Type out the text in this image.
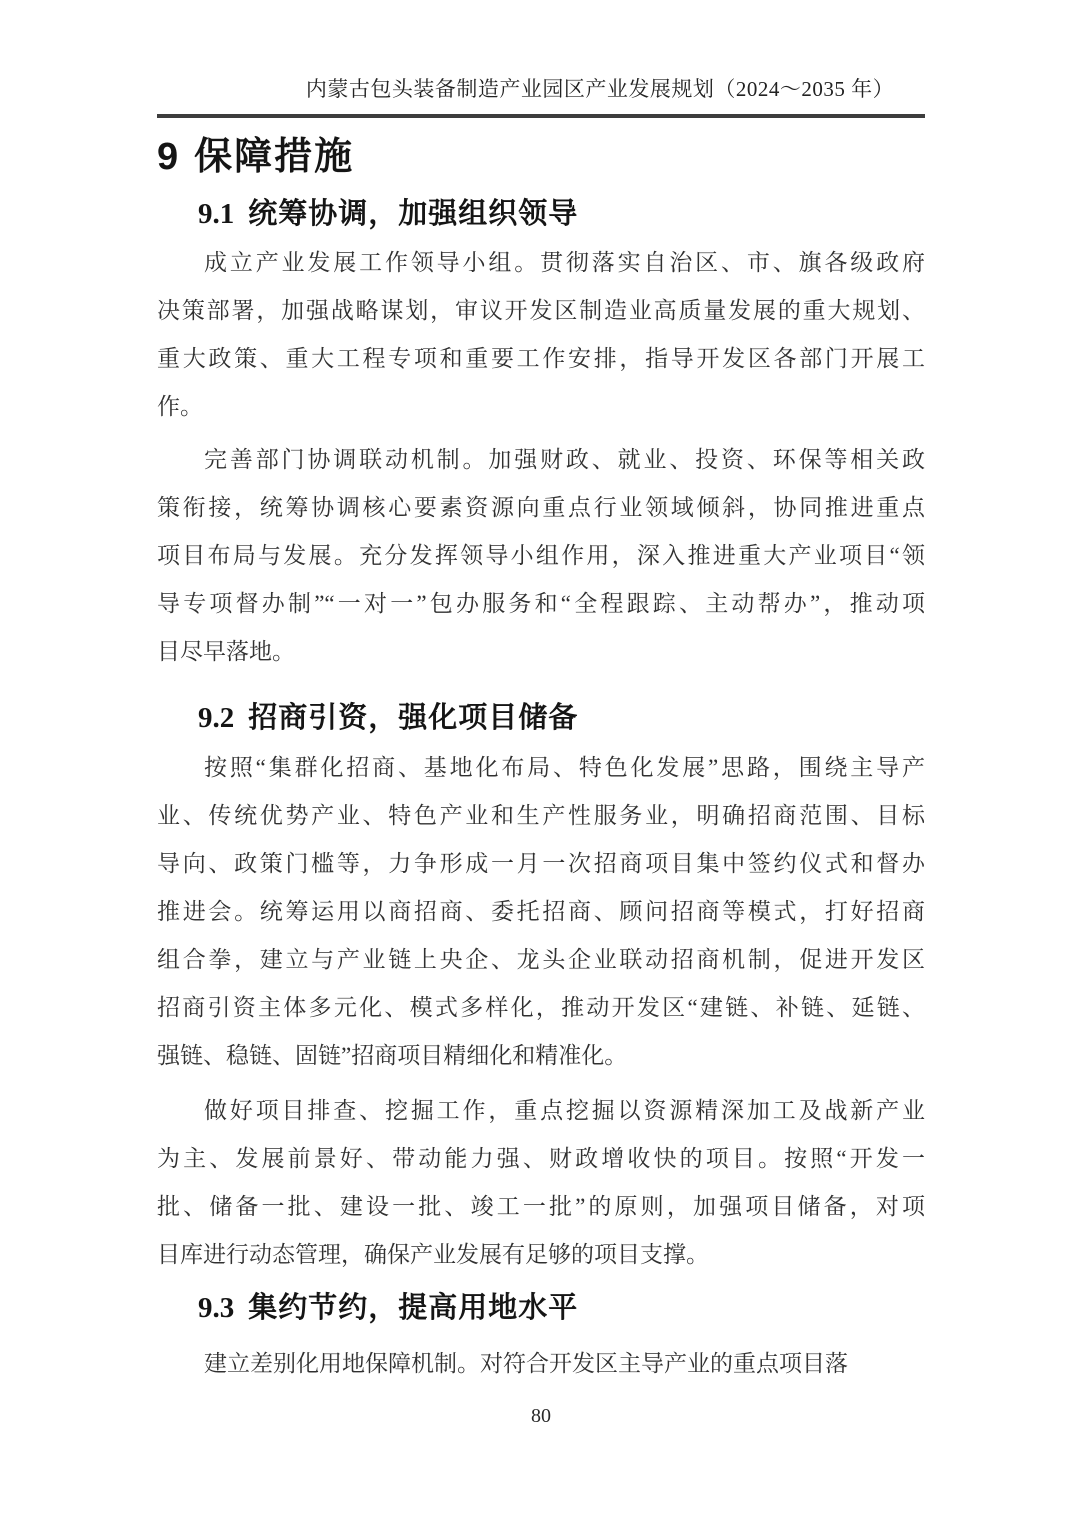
内蒙古包头装备制造产业园区产业发展规划（2024～2035 年）
9 保障措施
9.1 统筹协调，加强组织领导
成立产业发展工作领导小组。贯彻落实自治区、市、旗各级政府
决策部署，加强战略谋划，审议开发区制造业高质量发展的重大规划、
重大政策、重大工程专项和重要工作安排，指导开发区各部门开展工
作。
完善部门协调联动机制。加强财政、就业、投资、环保等相关政
策衔接，统筹协调核心要素资源向重点行业领域倾斜，协同推进重点
项目布局与发展。充分发挥领导小组作用，深入推进重大产业项目“领
导专项督办制”“一对一”包办服务和“全程跟踪、主动帮办”，推动项
目尽早落地。
9.2 招商引资，强化项目储备
按照“集群化招商、基地化布局、特色化发展”思路，围绕主导产
业、传统优势产业、特色产业和生产性服务业，明确招商范围、目标
导向、政策门槛等，力争形成一月一次招商项目集中签约仪式和督办
推进会。统筹运用以商招商、委托招商、顾问招商等模式，打好招商
组合拳，建立与产业链上央企、龙头企业联动招商机制，促进开发区
招商引资主体多元化、模式多样化，推动开发区“建链、补链、延链、
强链、稳链、固链”招商项目精细化和精准化。
做好项目排查、挖掘工作，重点挖掘以资源精深加工及战新产业
为主、发展前景好、带动能力强、财政增收快的项目。按照“开发一
批、储备一批、建设一批、竣工一批”的原则，加强项目储备，对项
目库进行动态管理，确保产业发展有足够的项目支撑。
9.3 集约节约，提高用地水平
建立差别化用地保障机制。对符合开发区主导产业的重点项目落
80
